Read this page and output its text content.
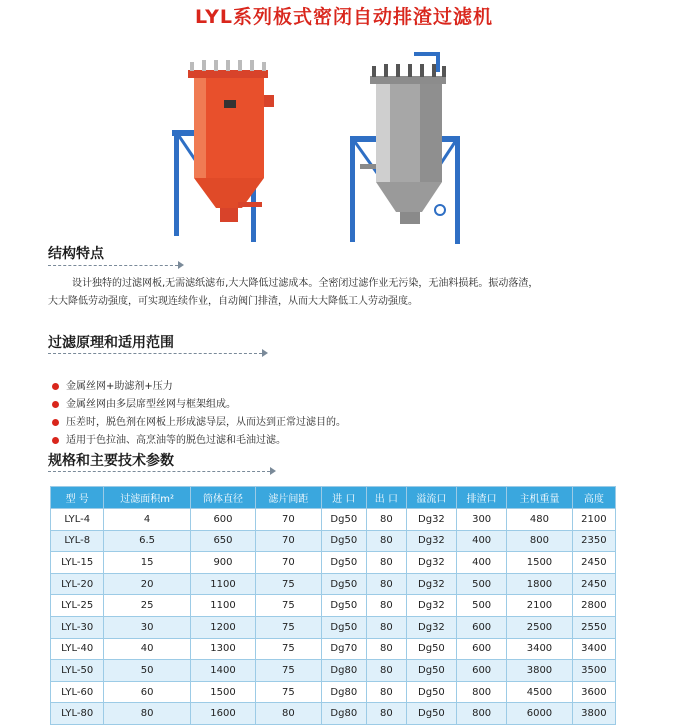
LYL系列板式密闭自动排渣过滤机
结构特点

设计独特的过滤网板,无需滤纸滤布,大大降低过滤成本。全密闭过滤作业无污染，无油料损耗。振动落渣，

大大降低劳动强度，可实现连续作业，自动阀门排渣，从而大大降低工人劳动强度。

过滤原理和适用范围
金属丝网+助滤剂+压力
金属丝网由多层席型丝网与框架组成。
压差时，脱色剂在网板上形成滤导层，从而达到正常过滤目的。
适用于色拉油、高烹油等的脱色过滤和毛油过滤。
规格和主要技术参数
型 号	过滤面积m²	筒体直径	滤片间距	进 口	出 口	溢流口	排渣口	主机重量	高度
LYL-4	4	600	70	Dg50	80	Dg32	300	480	2100
LYL-8	6.5	650	70	Dg50	80	Dg32	400	800	2350
LYL-15	15	900	70	Dg50	80	Dg32	400	1500	2450
LYL-20	20	1100	75	Dg50	80	Dg32	500	1800	2450
LYL-25	25	1100	75	Dg50	80	Dg32	500	2100	2800
LYL-30	30	1200	75	Dg50	80	Dg32	600	2500	2550
LYL-40	40	1300	75	Dg70	80	Dg50	600	3400	3400
LYL-50	50	1400	75	Dg80	80	Dg50	600	3800	3500
LYL-60	60	1500	75	Dg80	80	Dg50	800	4500	3600
LYL-80	80	1600	80	Dg80	80	Dg50	800	6000	3800
